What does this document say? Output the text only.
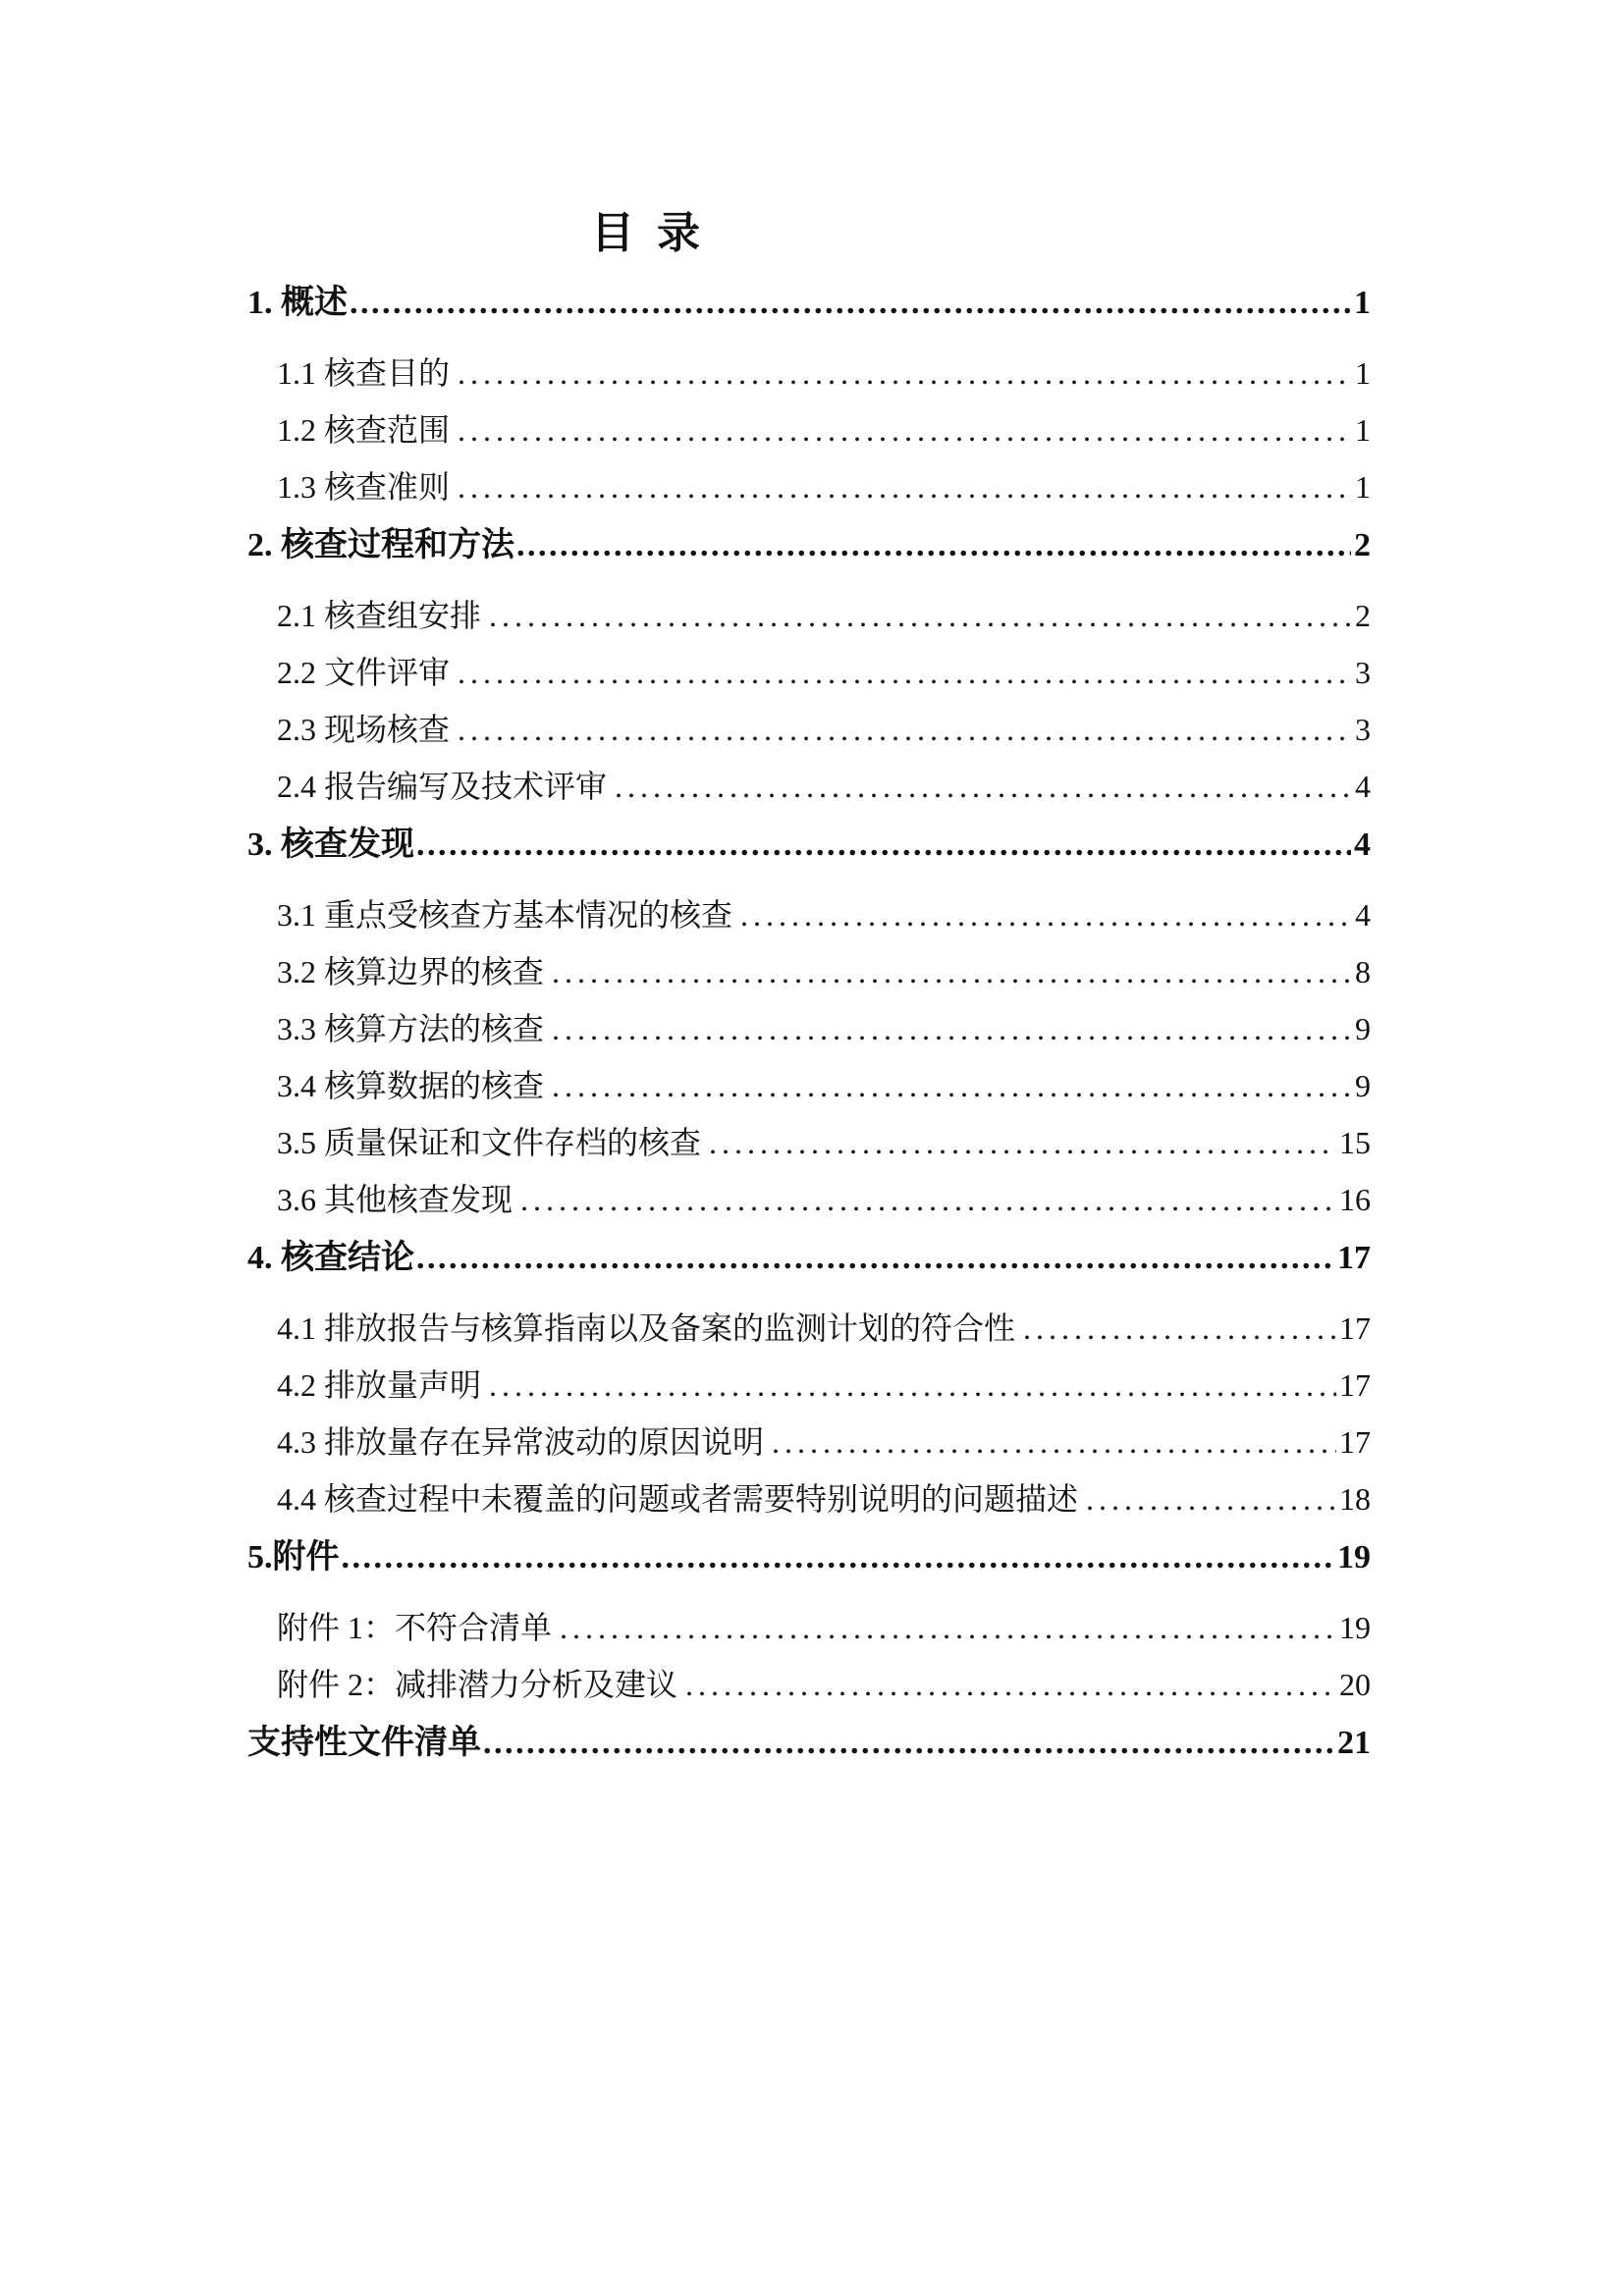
目 录
1. 概述 .....	1
1.1 核查目的 .....	1
1.2 核查范围 .....	1
1.3 核查准则 .....	1
2. 核查过程和方法 .....	2
2.1 核查组安排 .....	2
2.2 文件评审 .....	3
2.3 现场核查 .....	3
2.4 报告编写及技术评审 .....	4
3. 核查发现 .....	4
3.1 重点受核查方基本情况的核查 .....	4
3.2 核算边界的核查 .....	8
3.3 核算方法的核查 .....	9
3.4 核算数据的核查 .....	9
3.5 质量保证和文件存档的核查 .....	15
3.6 其他核查发现 .....	16
4. 核查结论 .....	17
4.1 排放报告与核算指南以及备案的监测计划的符合性 .....	17
4.2 排放量声明 .....	17
4.3 排放量存在异常波动的原因说明 .....	17
4.4 核查过程中未覆盖的问题或者需要特别说明的问题描述 .....	18
5.附件 .....	19
附件 1：不符合清单 .....	19
附件 2：减排潜力分析及建议 .....	20
支持性文件清单 .....	21
